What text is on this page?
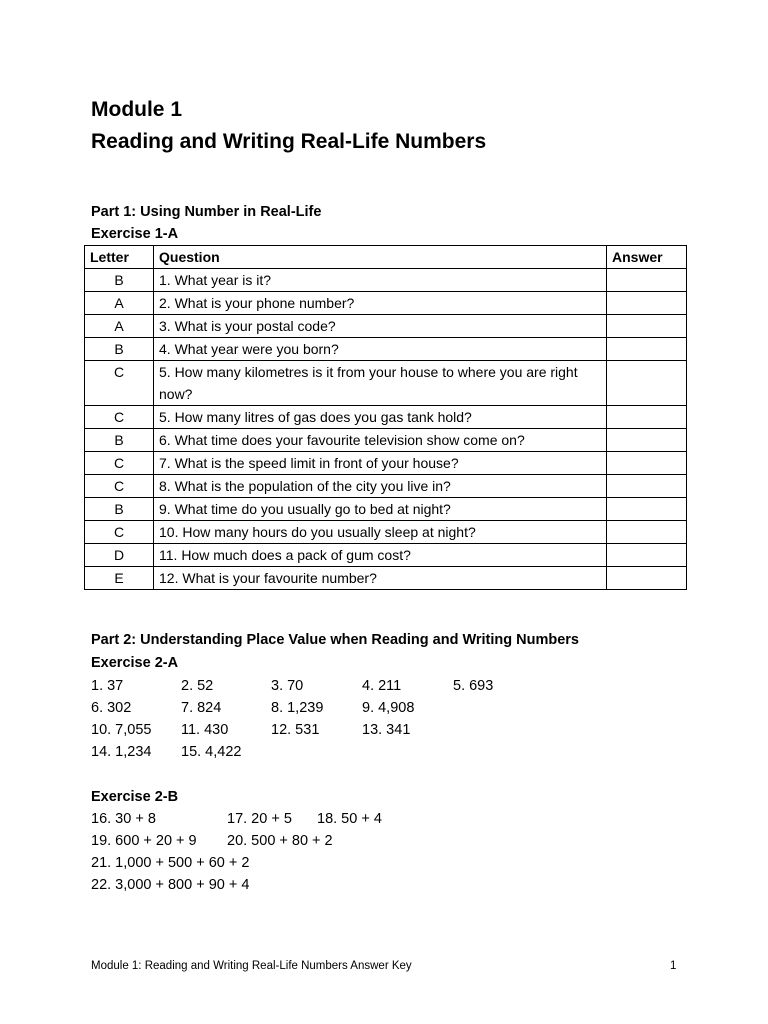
Module 1
Reading and Writing Real-Life Numbers
Part 1: Using Number in Real-Life
Exercise 1-A
Letter	Question	Answer
B	1. What year is it?	
A	2. What is your phone number?	
A	3. What is your postal code?	
B	4. What year were you born?	
C	5. How many kilometres is it from your house to where you are right now?	
C	5. How many litres of gas does you gas tank hold?	
B	6. What time does your favourite television show come on?	
C	7. What is the speed limit in front of your house?	
C	8. What is the population of the city you live in?	
B	9. What time do you usually go to bed at night?	
C	10. How many hours do you usually sleep at night?	
D	11. How much does a pack of gum cost?	
E	12. What is your favourite number?	
Part 2: Understanding Place Value when Reading and Writing Numbers
Exercise 2-A
1. 37	2. 52	3. 70	4. 211	5. 693
6. 302	7. 824	8. 1,239	9. 4,908
10. 7,055 11. 430	12. 531	13. 341
14. 1,234 15. 4,422
Exercise 2-B
16. 30 + 8	17. 20 + 5 18. 50 + 4
19. 600 + 20 + 9 20. 500 + 80 + 2
21. 1,000 + 500 + 60 + 2
22. 3,000 + 800 + 90 + 4
Module 1: Reading and Writing Real-Life Numbers Answer Key	1
